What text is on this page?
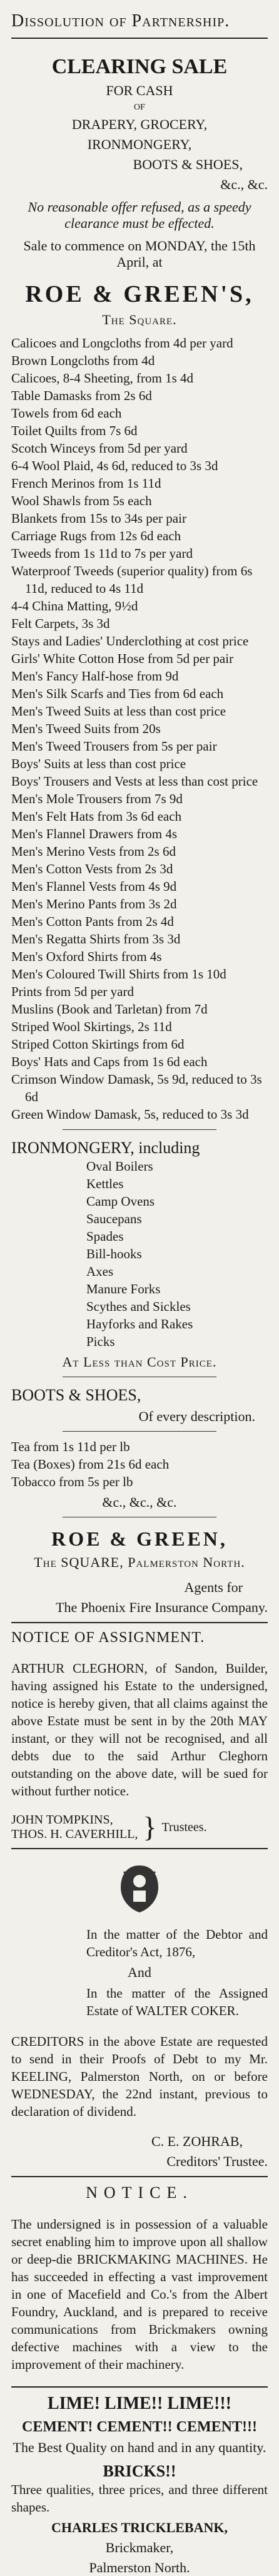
Dissolution of Partnership.
CLEARING SALE
FOR CASH
OF
DRAPERY, GROCERY,
IRONMONGERY,
BOOTS & SHOES,
&c., &c.
No reasonable offer refused, as a speedy clearance must be effected.
Sale to commence on MONDAY, the 15th April, at
ROE & GREEN'S,
The Square.

Calicoes and Longcloths from 4d per yard

Brown Longcloths from 4d

Calicoes, 8-4 Sheeting, from 1s 4d

Table Damasks from 2s 6d

Towels from 6d each

Toilet Quilts from 7s 6d

Scotch Winceys from 5d per yard

6-4 Wool Plaid, 4s 6d, reduced to 3s 3d

French Merinos from 1s 11d

Wool Shawls from 5s each

Blankets from 15s to 34s per pair

Carriage Rugs from 12s 6d each

Tweeds from 1s 11d to 7s per yard

Waterproof Tweeds (superior quality) from 6s 11d, reduced to 4s 11d

4-4 China Matting, 9½d

Felt Carpets, 3s 3d

Stays and Ladies' Underclothing at cost price

Girls' White Cotton Hose from 5d per pair

Men's Fancy Half-hose from 9d

Men's Silk Scarfs and Ties from 6d each

Men's Tweed Suits at less than cost price

Men's Tweed Suits from 20s

Men's Tweed Trousers from 5s per pair

Boys' Suits at less than cost price

Boys' Trousers and Vests at less than cost price

Men's Mole Trousers from 7s 9d

Men's Felt Hats from 3s 6d each

Men's Flannel Drawers from 4s

Men's Merino Vests from 2s 6d

Men's Cotton Vests from 2s 3d

Men's Flannel Vests from 4s 9d

Men's Merino Pants from 3s 2d

Men's Cotton Pants from 2s 4d

Men's Regatta Shirts from 3s 3d

Men's Oxford Shirts from 4s

Men's Coloured Twill Shirts from 1s 10d

Prints from 5d per yard

Muslins (Book and Tarletan) from 7d

Striped Wool Skirtings, 2s 11d

Striped Cotton Skirtings from 6d

Boys' Hats and Caps from 1s 6d each

Crimson Window Damask, 5s 9d, reduced to 3s 6d

Green Window Damask, 5s, reduced to 3s 3d

IRONMONGERY, including

Oval Boilers

Kettles

Camp Ovens

Saucepans

Spades

Bill-hooks

Axes

Manure Forks

Scythes and Sickles

Hayforks and Rakes

Picks

At Less than Cost Price.
BOOTS & SHOES,
Of every description.

Tea from 1s 11d per lb

Tea (Boxes) from 21s 6d each

Tobacco from 5s per lb

&c., &c., &c.
ROE & GREEN,
The SQUARE, Palmerston North.
Agents for
The Phoenix Fire Insurance Company.
NOTICE OF ASSIGNMENT.

ARTHUR CLEGHORN, of Sandon, Builder, having assigned his Estate to the undersigned, notice is hereby given, that all claims against the above Estate must be sent in by the 20th MAY instant, or they will not be recognised, and all debts due to the said Arthur Cleghorn outstanding on the above date, will be sued for without further notice.

JOHN TOMPKINS,
THOS. H. CAVERHILL, } Trustees.
In the matter of the Debtor and Creditor's Act, 1876,
And
In the matter of the Assigned Estate of WALTER COKER.

CREDITORS in the above Estate are requested to send in their Proofs of Debt to my Mr. KEELING, Palmerston North, on or before WEDNESDAY, the 22nd instant, previous to declaration of dividend.

C. E. ZOHRAB,
Creditors' Trustee.
NOTICE.

The undersigned is in possession of a valuable secret enabling him to improve upon all shallow or deep-die BRICKMAKING MACHINES. He has succeeded in effecting a vast improvement in one of Macefield and Co.'s from the Albert Foundry, Auckland, and is prepared to receive communications from Brickmakers owning defective machines with a view to the improvement of their machinery.

LIME! LIME!! LIME!!!
CEMENT! CEMENT!! CEMENT!!!
The Best Quality on hand and in any quantity.
BRICKS!!
Three qualities, three prices, and three different shapes.
CHARLES TRICKLEBANK,
Brickmaker,
Palmerston North.
